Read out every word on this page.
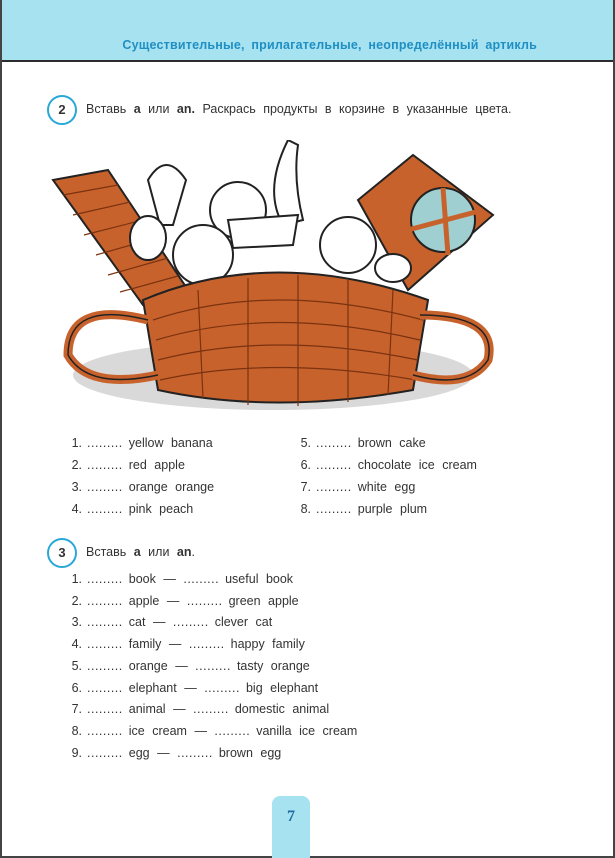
Существительные, прилагательные, неопределённый артикль
2	Вставь a или an. Раскрась продукты в корзине в указанные цвета.
1. ......... yellow banana
2. ......... red apple
3. ......... orange orange
4. ......... pink peach
5. ......... brown cake
6. ......... chocolate ice cream
7. ......... white egg
8. ......... purple plum
3	Вставь a или an.
1. ......... book — ......... useful book
2. ......... apple — ......... green apple
3. ......... cat — ......... clever cat
4. ......... family — ......... happy family
5. ......... orange — ......... tasty orange
6. ......... elephant — ......... big elephant
7. ......... animal — ......... domestic animal
8. ......... ice cream — ......... vanilla ice cream
9. ......... egg — ......... brown egg
7
